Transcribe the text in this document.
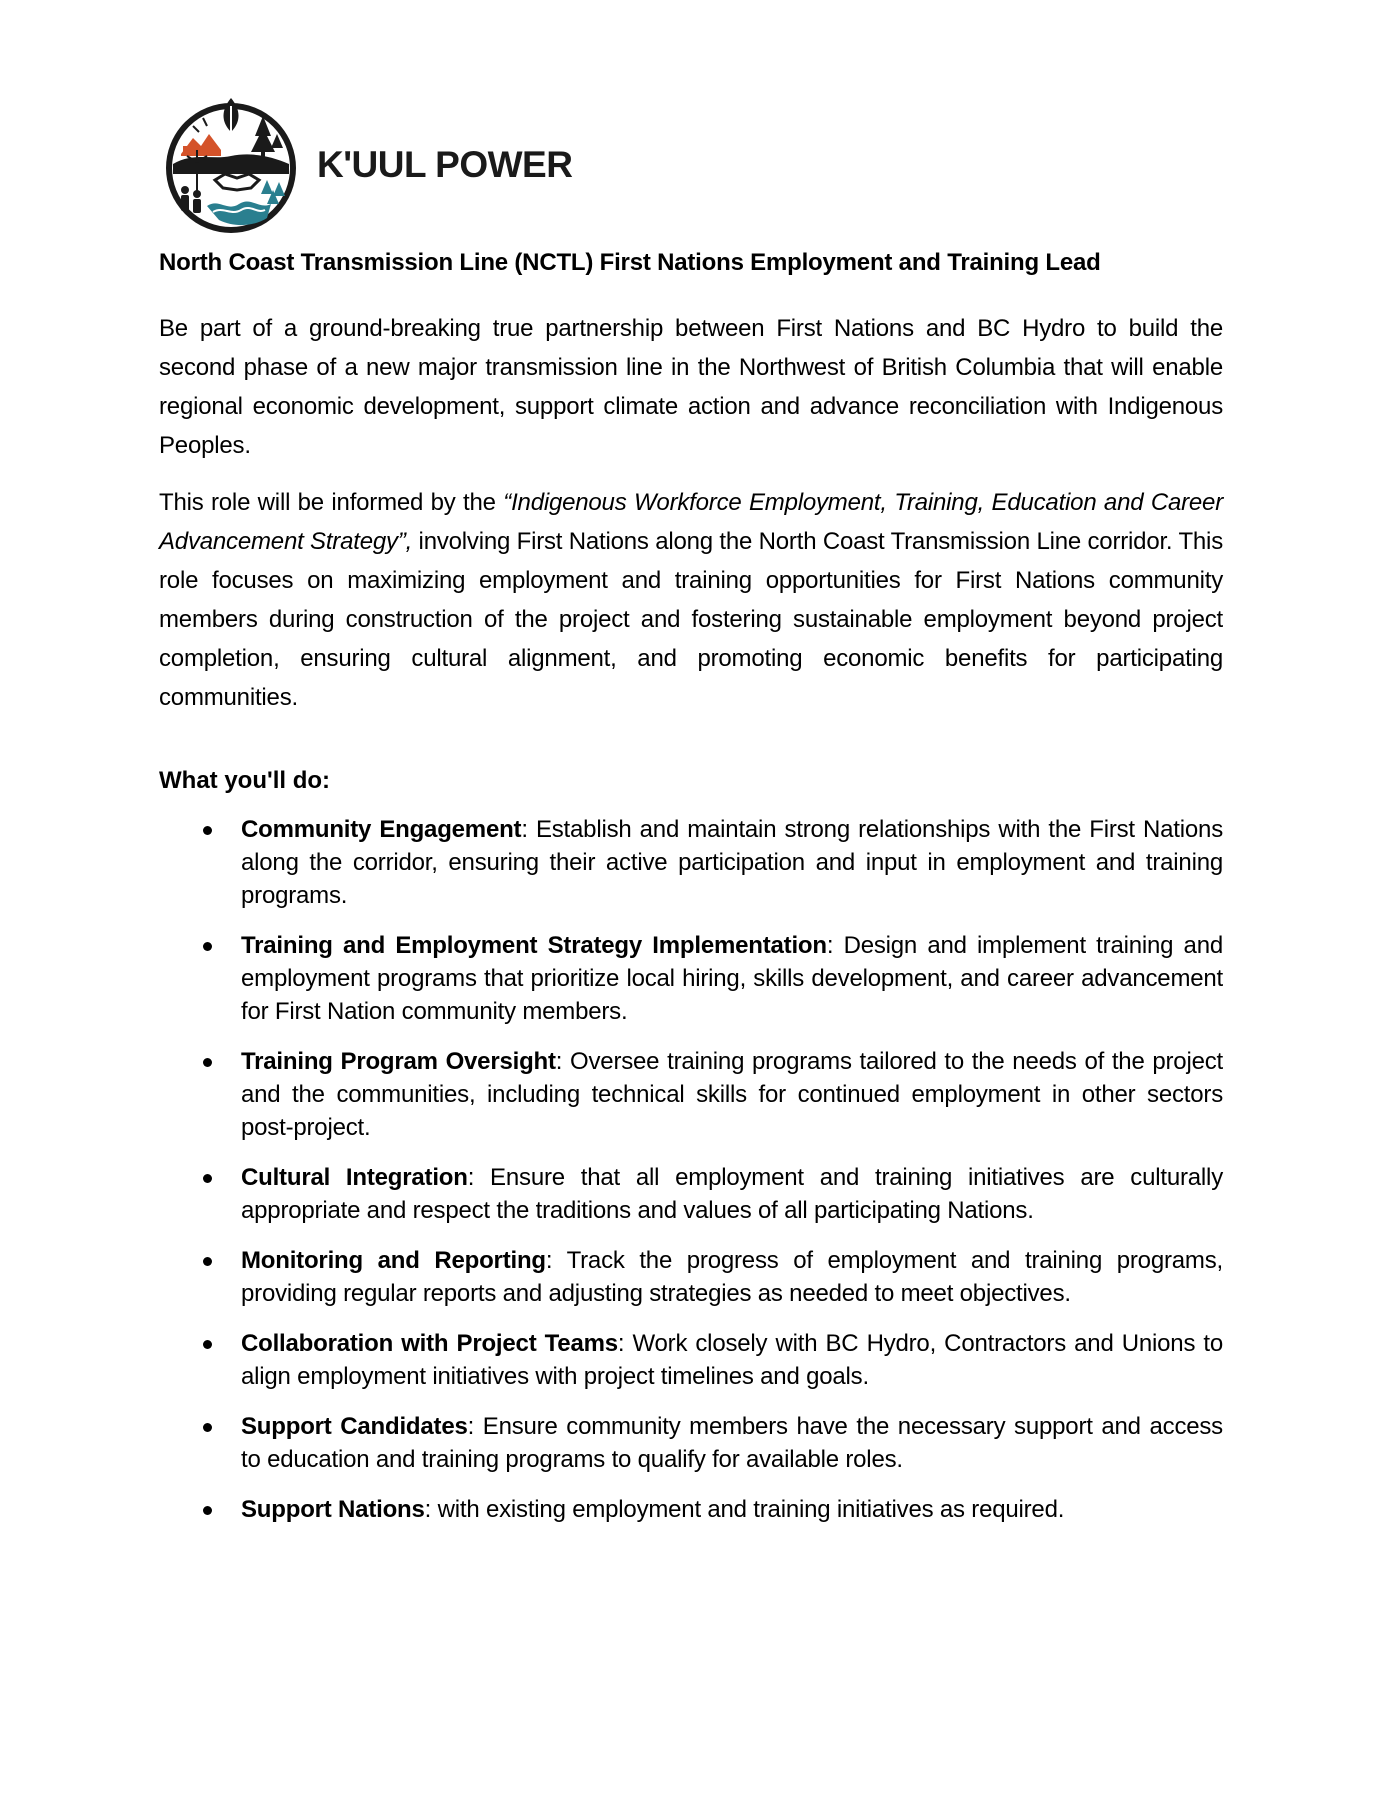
K'UUL POWER
North Coast Transmission Line (NCTL) First Nations Employment and Training Lead

Be part of a ground-breaking true partnership between First Nations and BC Hydro to build the second phase of a new major transmission line in the Northwest of British Columbia that will enable regional economic development, support climate action and advance reconciliation with Indigenous Peoples.

This role will be informed by the “Indigenous Workforce Employment, Training, Education and Career Advancement Strategy”, involving First Nations along the North Coast Transmission Line corridor. This role focuses on maximizing employment and training opportunities for First Nations community members during construction of the project and fostering sustainable employment beyond project completion, ensuring cultural alignment, and promoting economic benefits for participating communities.

What you'll do:
Community Engagement: Establish and maintain strong relationships with the First Nations along the corridor, ensuring their active participation and input in employment and training programs.
Training and Employment Strategy Implementation: Design and implement training and employment programs that prioritize local hiring, skills development, and career advancement for First Nation community members.
Training Program Oversight: Oversee training programs tailored to the needs of the project and the communities, including technical skills for continued employment in other sectors post-project.
Cultural Integration: Ensure that all employment and training initiatives are culturally appropriate and respect the traditions and values of all participating Nations.
Monitoring and Reporting: Track the progress of employment and training programs, providing regular reports and adjusting strategies as needed to meet objectives.
Collaboration with Project Teams: Work closely with BC Hydro, Contractors and Unions to align employment initiatives with project timelines and goals.
Support Candidates: Ensure community members have the necessary support and access to education and training programs to qualify for available roles.
Support Nations: with existing employment and training initiatives as required.
